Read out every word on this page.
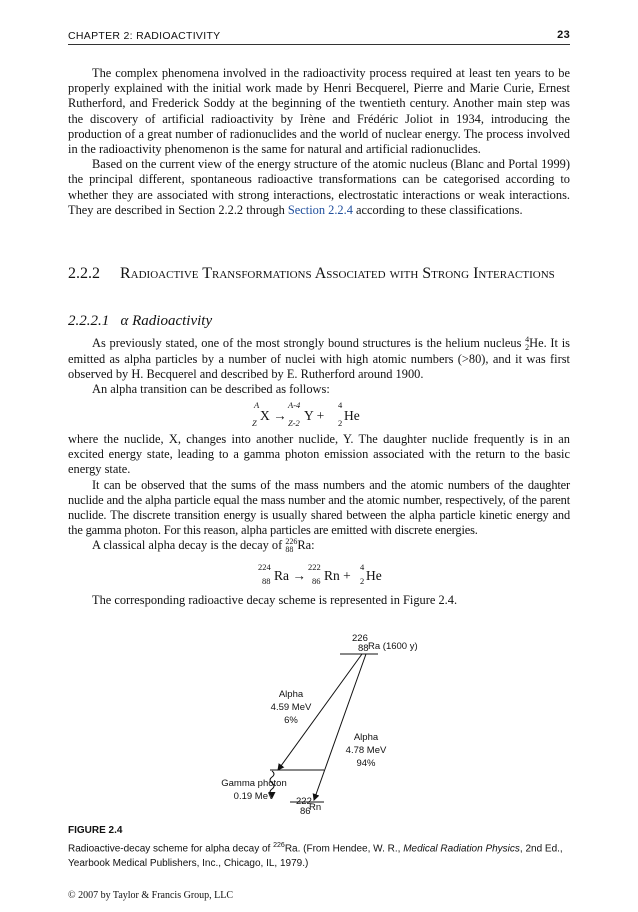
CHAPTER 2: RADIOACTIVITY	23

The complex phenomena involved in the radioactivity process required at least ten years to be properly explained with the initial work made by Henri Becquerel, Pierre and Marie Curie, Ernest Rutherford, and Frederick Soddy at the beginning of the twentieth century. Another main step was the discovery of artificial radioactivity by Irène and Frédéric Joliot in 1934, introducing the production of a great number of radionuclides and the world of nuclear energy. The process involved in the radioactivity phenomenon is the same for natural and artificial radionuclides.

Based on the current view of the energy structure of the atomic nucleus (Blanc and Portal 1999) the principal different, spontaneous radioactive transformations can be categorised according to whether they are associated with strong interactions, electrostatic interactions or weak interactions. They are described in Section 2.2.2 through Section 2.2.4 according to these classifications.

2.2.2 Radioactive Transformations Associated with Strong Interactions
2.2.2.1 α Radioactivity

As previously stated, one of the most strongly bound structures is the helium nucleus 4
2 He. It is emitted as alpha particles by a number of nuclei with high atomic numbers (>80), and it was first observed by H. Becquerel and described by E. Rutherford around 1900.

An alpha transition can be described as follows:

A
Z X →
A-4
Z-2 Y +
4
2 He

where the nuclide, X, changes into another nuclide, Y. The daughter nuclide frequently is in an excited energy state, leading to a gamma photon emission associated with the return to the basic energy state.

It can be observed that the sums of the mass numbers and the atomic numbers of the daughter nuclide and the alpha particle equal the mass number and the atomic number, respectively, of the parent nuclide. The discrete transition energy is usually shared between the alpha particle kinetic energy and the gamma photon. For this reason, alpha particles are emitted with discrete energies.

A classical alpha decay is the decay of 226
88 Ra:

224
88 Ra →
222
86 Rn +
4
2 He

The corresponding radioactive decay scheme is represented in Figure 2.4.

226
88 Ra (1600 y)
Alpha
4.59 MeV
6%
Alpha
4.78 MeV
94%
Gamma photon
0.19 MeV 222
86
Rn
FIGURE 2.4
Radioactive-decay scheme for alpha decay of $^{226}$Ra. (From Hendee, W. R., Medical Radiation Physics, 2nd Ed., Yearbook Medical Publishers, Inc., Chicago, IL, 1979.)
© 2007 by Taylor & Francis Group, LLC
